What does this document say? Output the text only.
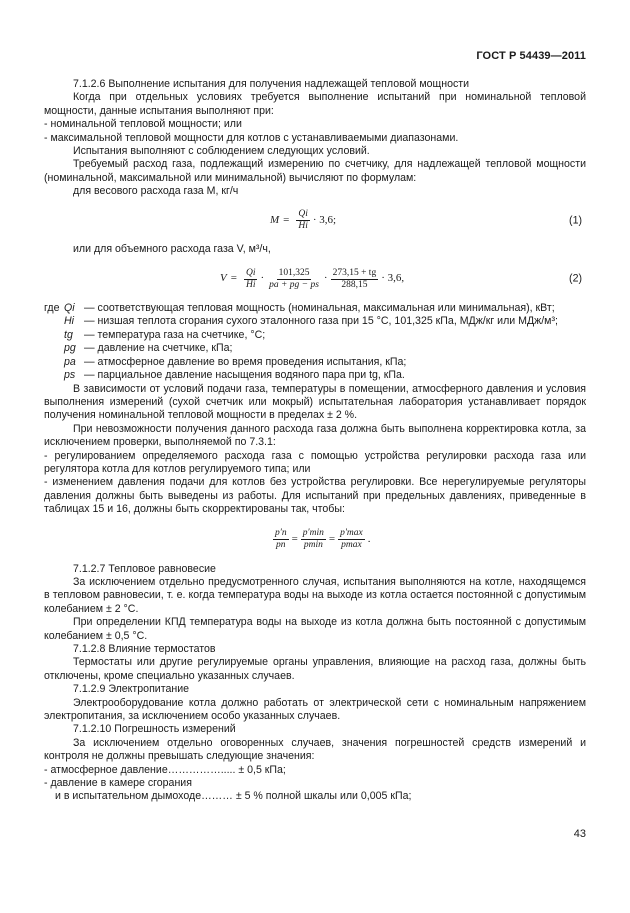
ГОСТ Р 54439—2011

7.1.2.6 Выполнение испытания для получения надлежащей тепловой мощности

Когда при отдельных условиях требуется выполнение испытаний при номинальной тепловой мощности, данные испытания выполняют при:

- номинальной тепловой мощности; или

- максимальной тепловой мощности для котлов с устанавливаемыми диапазонами.

Испытания выполняют с соблюдением следующих условий.

Требуемый расход газа, подлежащий измерению по счетчику, для надлежащей тепловой мощности (номинальной, максимальной или минимальной) вычисляют по формулам:

для весового расхода газа M, кг/ч

$M = \frac{Qi}{Hi} \cdot 3,6$;	(1)

или для объемного расхода газа V, м³/ч,

$V = \frac{Qi}{Hi} \cdot \frac{101,325}{pa + pg - ps} \cdot \frac{273,15 + tg}{288,15} \cdot 3,6$,	(2)
где Qi — соответствующая тепловая мощность (номинальная, максимальная или минимальная), кВт;
Hi — низшая теплота сгорания сухого эталонного газа при 15 °С, 101,325 кПа, МДж/кг или МДж/м³;
tg	— температура газа на счетчике, °С;
pg — давление на счетчике, кПа;
pa — атмосферное давление во время проведения испытания, кПа;
ps — парциальное давление насыщения водяного пара при tg, кПа.

В зависимости от условий подачи газа, температуры в помещении, атмосферного давления и условия выполнения измерений (сухой счетчик или мокрый) испытательная лаборатория устанавливает порядок получения номинальной тепловой мощности в пределах ± 2 %.

При невозможности получения данного расхода газа должна быть выполнена корректировка котла, за исключением проверки, выполняемой по 7.3.1:

- регулированием определяемого расхода газа с помощью устройства регулировки расхода газа или регулятора котла для котлов регулируемого типа; или

- изменением давления подачи для котлов без устройства регулировки. Все нерегулируемые регуляторы давления должны быть выведены из работы. Для испытаний при предельных давлениях, приведенные в таблицах 15 и 16, должны быть скорректированы так, чтобы:

$\frac{p'n}{pn} = \frac{p'\min}{pmin} = \frac{p'\max}{pmax}$ .

7.1.2.7 Тепловое равновесие

За исключением отдельно предусмотренного случая, испытания выполняются на котле, находящемся в тепловом равновесии, т. е. когда температура воды на выходе из котла остается постоянной с допустимым колебанием ± 2 °С.

При определении КПД температура воды на выходе из котла должна быть постоянной с допустимым колебанием ± 0,5 °С.

7.1.2.8 Влияние термостатов

Термостаты или другие регулируемые органы управления, влияющие на расход газа, должны быть отключены, кроме специально указанных случаев.

7.1.2.9 Электропитание

Электрооборудование котла должно работать от электрической сети с номинальным напряжением электропитания, за исключением особо указанных случаев.

7.1.2.10 Погрешность измерений

За исключением отдельно оговоренных случаев, значения погрешностей средств измерений и контроля не должны превышать следующие значения:

- атмосферное давление……………..... ± 0,5 кПа;

- давление в камере сгорания

и в испытательном дымоходе……… ± 5 % полной шкалы или 0,005 кПа;

43
